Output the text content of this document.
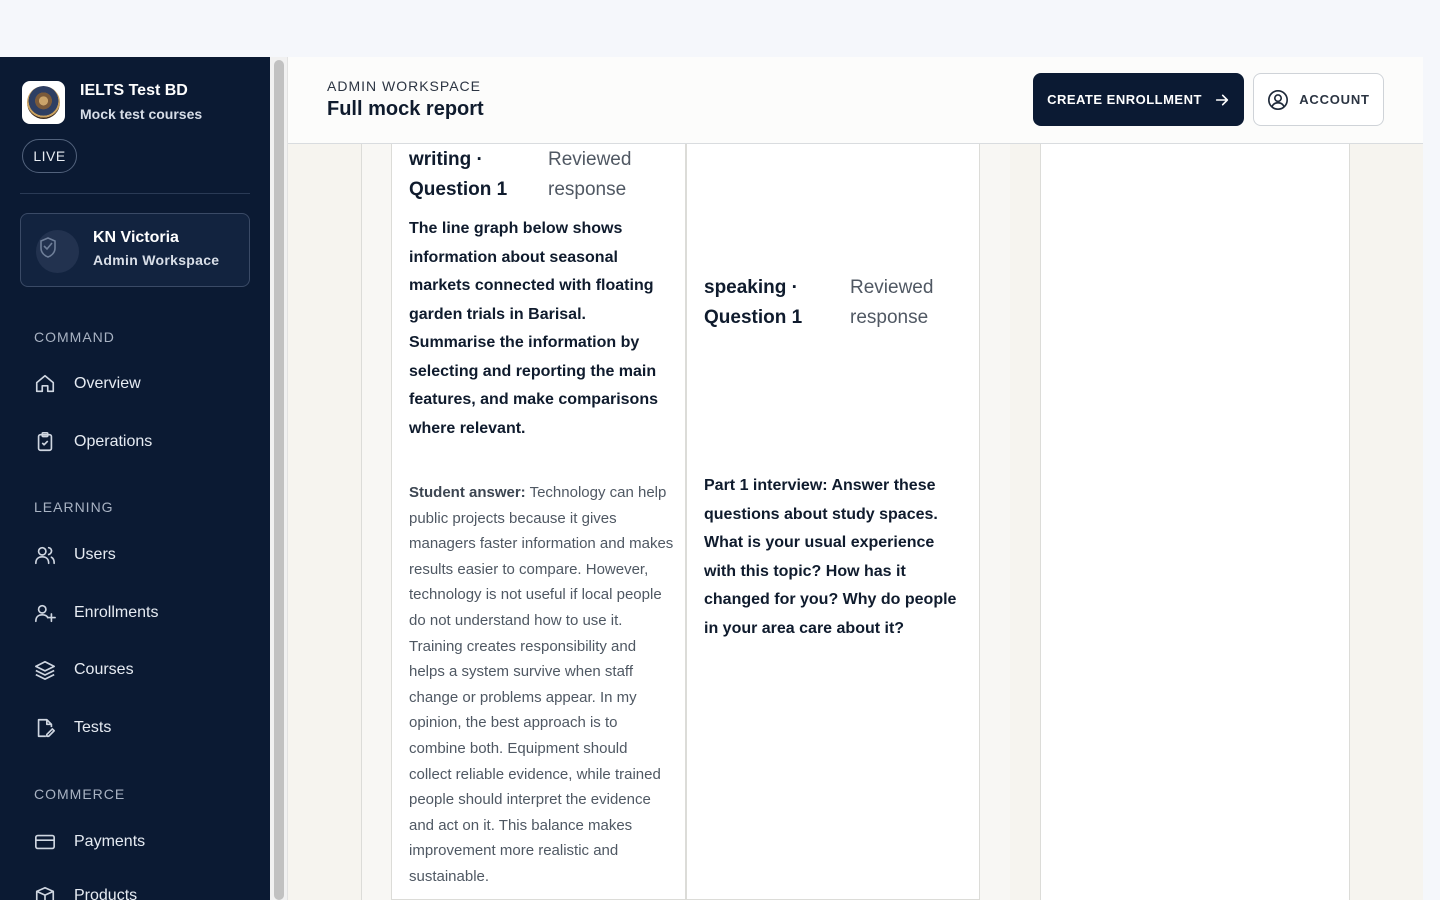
IELTS Test BD
Mock test courses
LIVE
KN Victoria
Admin Workspace
COMMAND
Overview
Operations
LEARNING
Users
Enrollments
Courses
Tests
COMMERCE
Payments
Products
ADMIN WORKSPACE
Full mock report	CREATE ENROLLMENT	ACCOUNT
writing ·
Question 1
Reviewed
response
The line graph below shows information about seasonal markets connected with floating garden trials in Barisal. Summarise the information by selecting and reporting the main features, and make comparisons where relevant.
Student answer: Technology can help public projects because it gives managers faster information and makes results easier to compare. However, technology is not useful if local people do not understand how to use it. Training creates responsibility and helps a system survive when staff change or problems appear. In my opinion, the best approach is to combine both. Equipment should collect reliable evidence, while trained people should interpret the evidence and act on it. This balance makes improvement more realistic and sustainable.
speaking ·
Question 1
Reviewed
response
Part 1 interview: Answer these questions about study spaces. What is your usual experience with this topic? How has it changed for you? Why do people in your area care about it?
